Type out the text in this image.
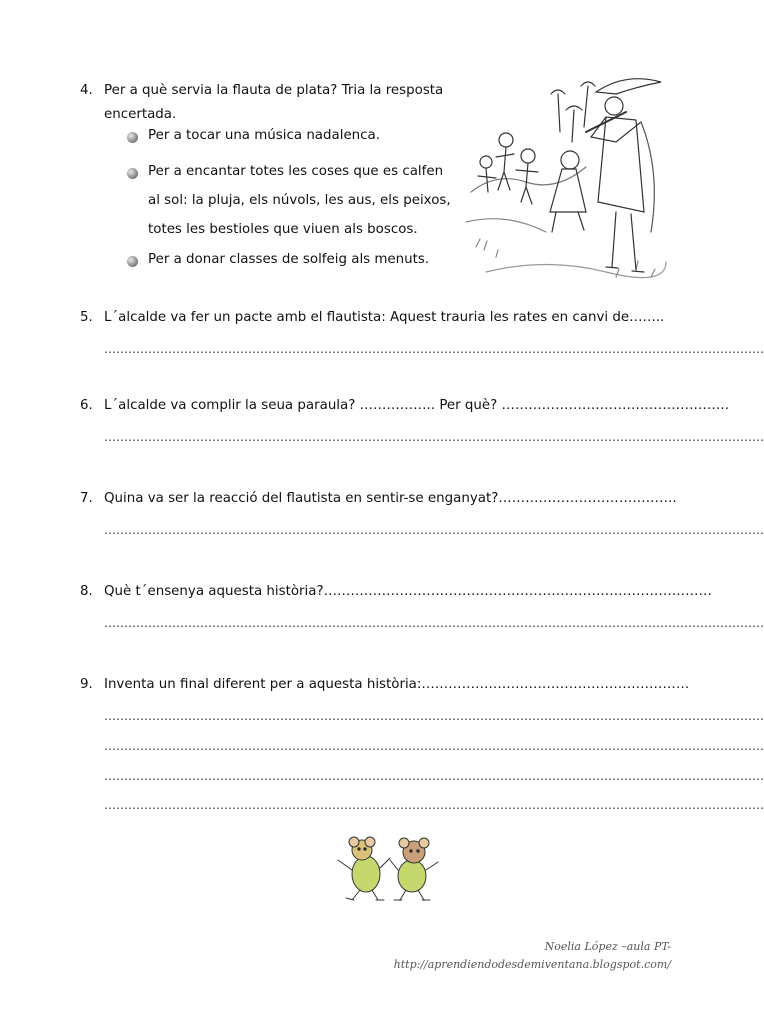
4. Per a què servia la flauta de plata? Tria la resposta
encertada.
Per a tocar una música nadalenca.
Per a encantar totes les coses que es calfen
al sol: la pluja, els núvols, les aus, els peixos,
totes les bestioles que viuen als boscos.
Per a donar classes de solfeig als menuts.
5. L´alcalde va fer un pacte amb el flautista: Aquest trauria les rates en canvi de……..
…………………………………………………………………………………………………………………………………………………
6. L´alcalde va complir la seua paraula? …………….. Per què? ……………………………………………
…………………………………………………………………………………………………………………………………………………
7. Quina va ser la reacció del flautista en sentir-se enganyat?………………………………….
…………………………………………………………………………………………………………………………………………………
8. Què t´ensenya aquesta història?……………………………………………………………………………
…………………………………………………………………………………………………………………………………………………
9. Inventa un final diferent per a aquesta història:……………………………………………………
…………………………………………………………………………………………………………………………………………………
…………………………………………………………………………………………………………………………………………………
…………………………………………………………………………………………………………………………………………………
…………………………………………………………………………………………………………………………………………………
Noelia López –aula PT-
http://aprendiendodesdemiventana.blogspot.com/
